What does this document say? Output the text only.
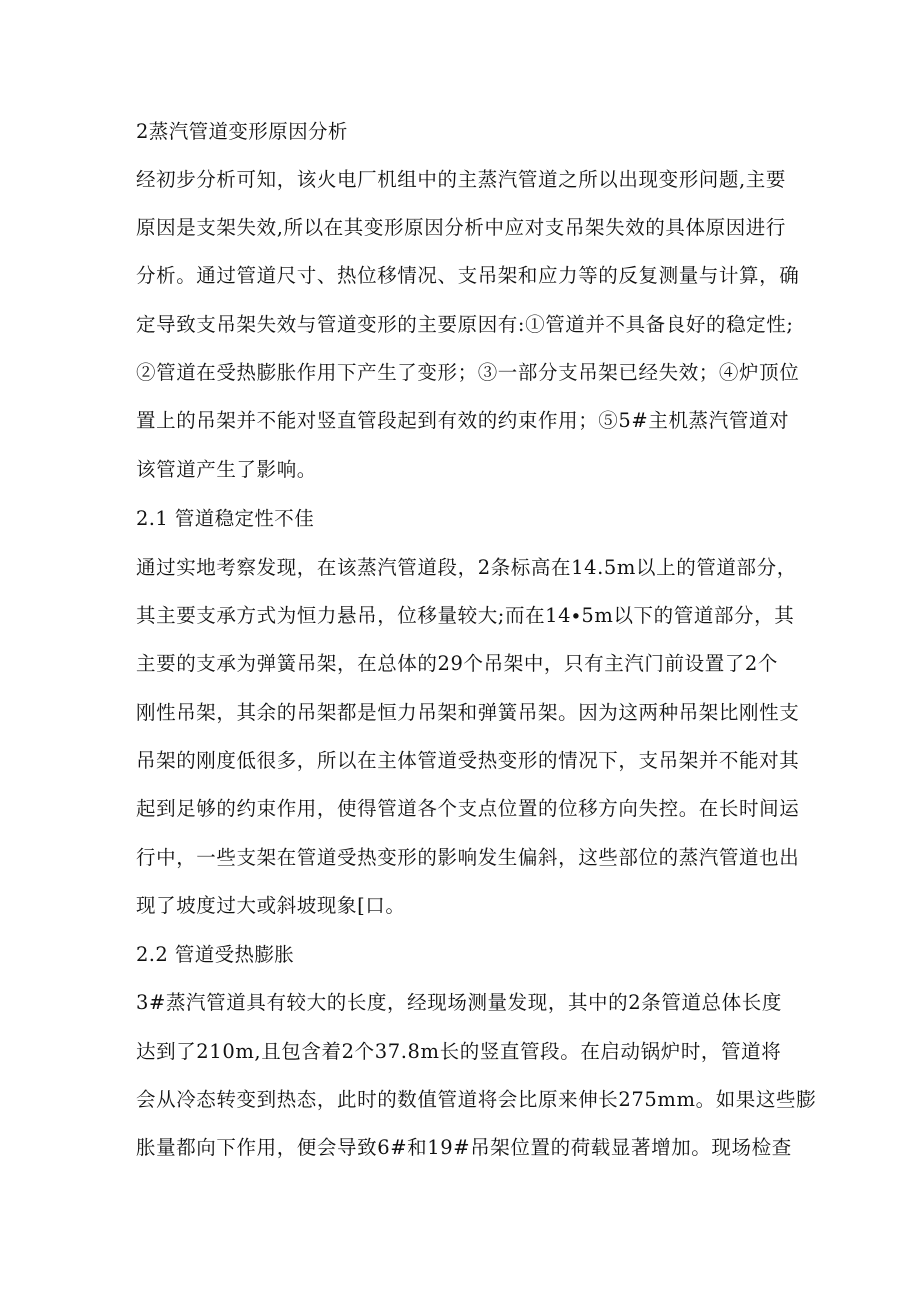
2蒸汽管道变形原因分析
经初步分析可知，该火电厂机组中的主蒸汽管道之所以出现变形问题,主要
原因是支架失效,所以在其变形原因分析中应对支吊架失效的具体原因进行
分析。通过管道尺寸、热位移情况、支吊架和应力等的反复测量与计算，确
定导致支吊架失效与管道变形的主要原因有:①管道并不具备良好的稳定性;
②管道在受热膨胀作用下产生了变形；③一部分支吊架已经失效；④炉顶位
置上的吊架并不能对竖直管段起到有效的约束作用；⑤5#主机蒸汽管道对
该管道产生了影响。
2.1 管道稳定性不佳
通过实地考察发现，在该蒸汽管道段，2条标高在14.5m以上的管道部分，
其主要支承方式为恒力悬吊，位移量较大;而在14∙5m以下的管道部分，其
主要的支承为弹簧吊架，在总体的29个吊架中，只有主汽门前设置了2个
刚性吊架，其余的吊架都是恒力吊架和弹簧吊架。因为这两种吊架比刚性支
吊架的刚度低很多，所以在主体管道受热变形的情况下，支吊架并不能对其
起到足够的约束作用，使得管道各个支点位置的位移方向失控。在长时间运
行中，一些支架在管道受热变形的影响发生偏斜，这些部位的蒸汽管道也出
现了坡度过大或斜坡现象[口。
2.2 管道受热膨胀
3#蒸汽管道具有较大的长度，经现场测量发现，其中的2条管道总体长度
达到了210m,且包含着2个37.8m长的竖直管段。在启动锅炉时，管道将
会从冷态转变到热态，此时的数值管道将会比原来伸长275mm。如果这些膨
胀量都向下作用，便会导致6#和19#吊架位置的荷载显著增加。现场检查
